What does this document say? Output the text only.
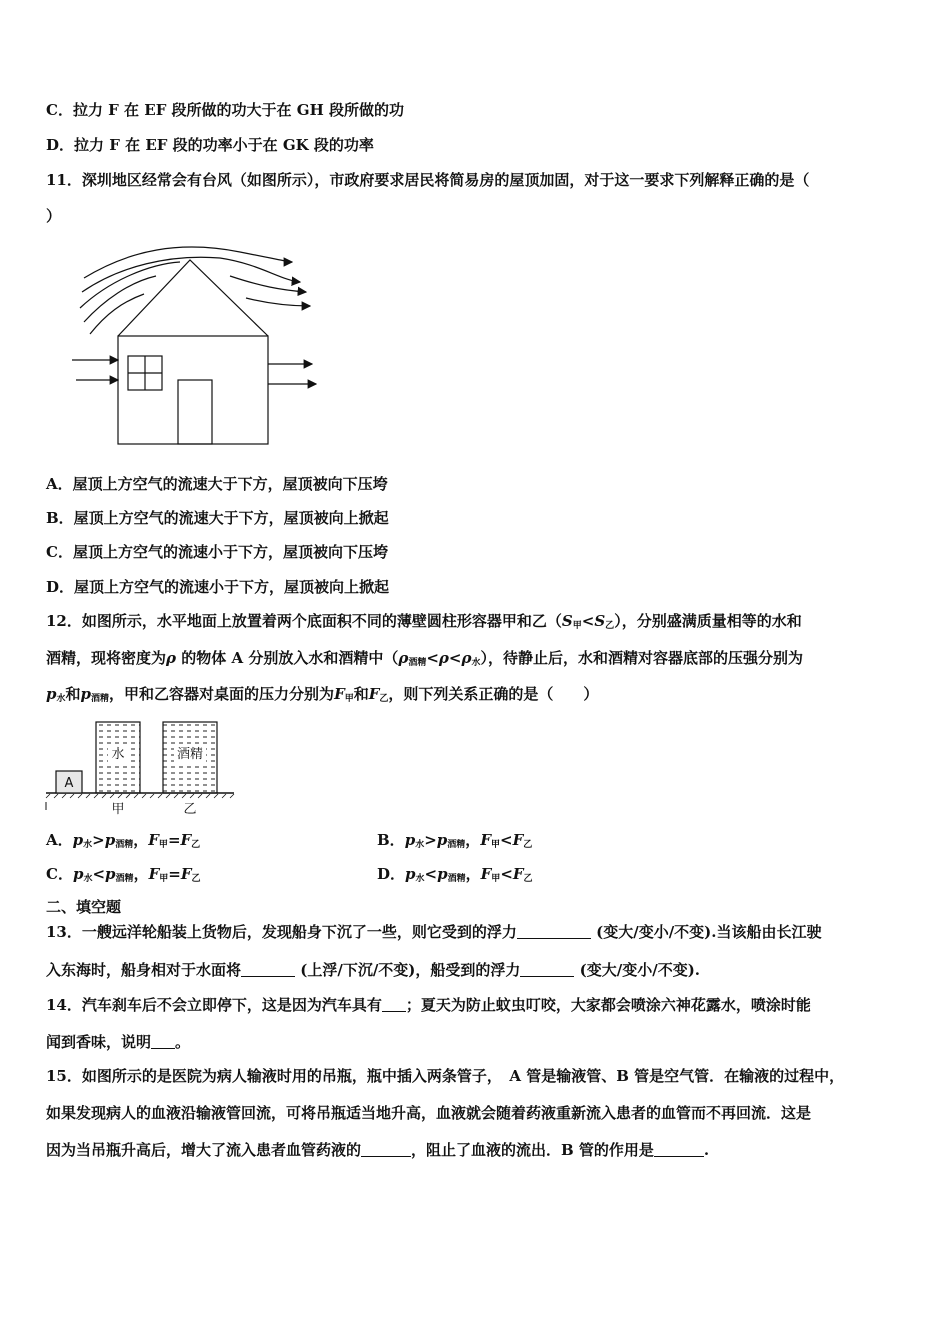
C．拉力 F 在 EF 段所做的功大于在 GH 段所做的功
D．拉力 F 在 EF 段的功率小于在 GK 段的功率
11．深圳地区经常会有台风（如图所示），市政府要求居民将简易房的屋顶加固，对于这一要求下列解释正确的是（
）
A．屋顶上方空气的流速大于下方，屋顶被向下压垮
B．屋顶上方空气的流速大于下方，屋顶被向上掀起
C．屋顶上方空气的流速小于下方，屋顶被向下压垮
D．屋顶上方空气的流速小于下方，屋顶被向上掀起
12．如图所示，水平地面上放置着两个底面积不同的薄壁圆柱形容器甲和乙$(S_甲<S_乙)$，分别盛满质量相等的水和
酒精，现将密度为ρ 的物体 A 分别放入水和酒精中$(\rho_{酒精}<\rho<\rho_水)$，待静止后，水和酒精对容器底部的压强分别为
$p_水$和$p_{酒精}$，甲和乙容器对桌面的压力分别为$F_甲$和$F_乙$，则下列关系正确的是（　　）
A
水	酒精
甲	乙
A．$p_水>p_{酒精}$，$F_甲=F_乙$	B．$p_水>p_{酒精}$，$F_甲<F_乙$
C．$p_水<p_{酒精}$，$F_甲=F_乙$	D．$p_水<p_{酒精}$，$F_甲<F_乙$
二、填空题
13．一艘远洋轮船装上货物后，发现船身下沉了一些，则它受到的浮力	(变大/变小/不变).当该船由长江驶
入东海时，船身相对于水面将	(上浮/下沉/不变)，船受到的浮力	(变大/变小/不变).
14．汽车刹车后不会立即停下，这是因为汽车具有 ；夏天为防止蚊虫叮咬，大家都会喷涂六神花露水，喷涂时能
闻到香味，说明 。
15．如图所示的是医院为病人输液时用的吊瓶，瓶中插入两条管子，　A 管是输液管、B 管是空气管．在输液的过程中，
如果发现病人的血液沿输液管回流，可将吊瓶适当地升高，血液就会随着药液重新流入患者的血管而不再回流．这是
因为当吊瓶升高后，增大了流入患者血管药液的	，阻止了血液的流出．B 管的作用是	.
